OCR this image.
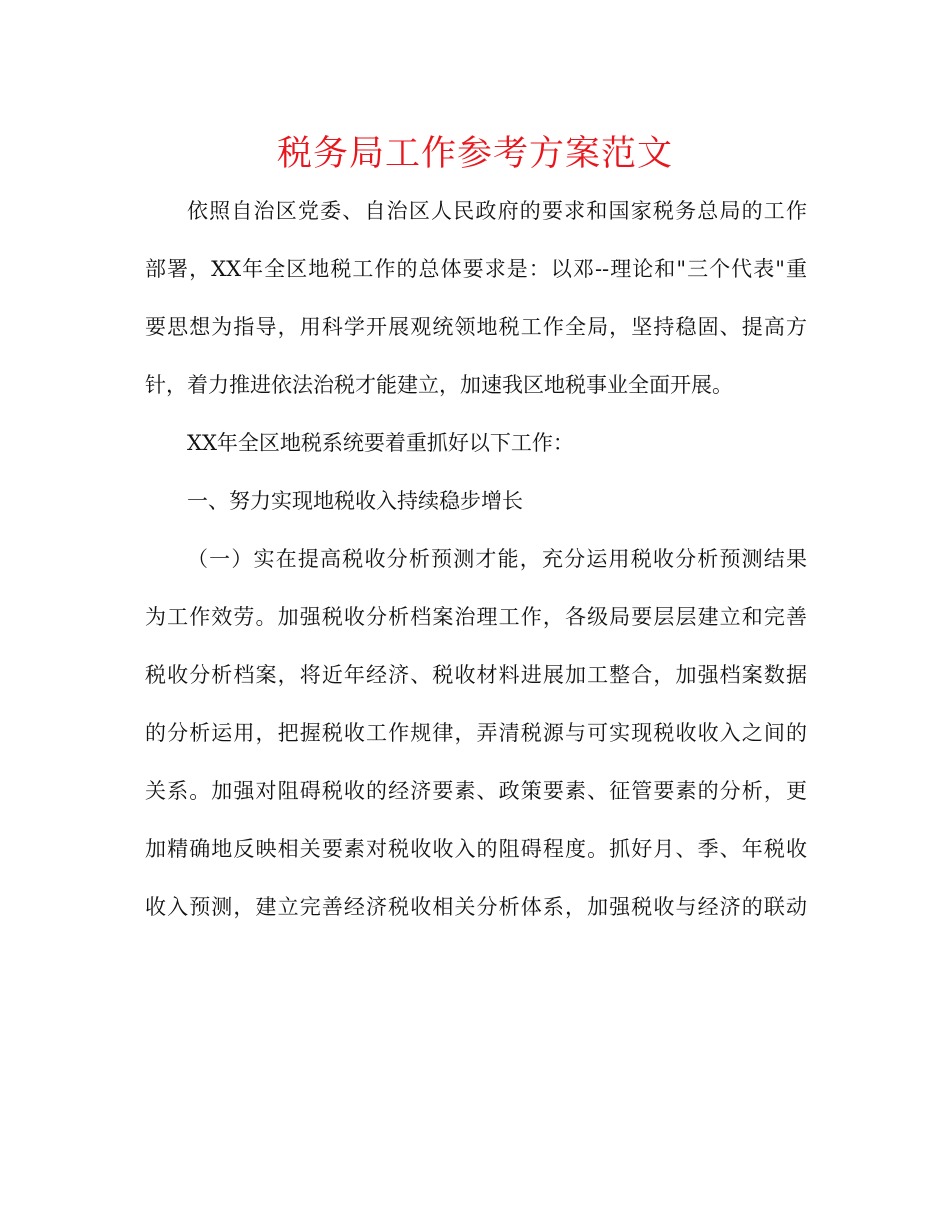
税务局工作参考方案范文
依照自治区党委、自治区人民政府的要求和国家税务总局的工作
部署，XX年全区地税工作的总体要求是：以邓--理论和"三个代表"重
要思想为指导，用科学开展观统领地税工作全局，坚持稳固、提高方
针，着力推进依法治税才能建立，加速我区地税事业全面开展。
XX年全区地税系统要着重抓好以下工作：
一、努力实现地税收入持续稳步增长
（一）实在提高税收分析预测才能，充分运用税收分析预测结果
为工作效劳。加强税收分析档案治理工作，各级局要层层建立和完善
税收分析档案，将近年经济、税收材料进展加工整合，加强档案数据
的分析运用，把握税收工作规律，弄清税源与可实现税收收入之间的
关系。加强对阻碍税收的经济要素、政策要素、征管要素的分析，更
加精确地反映相关要素对税收收入的阻碍程度。抓好月、季、年税收
收入预测，建立完善经济税收相关分析体系，加强税收与经济的联动
